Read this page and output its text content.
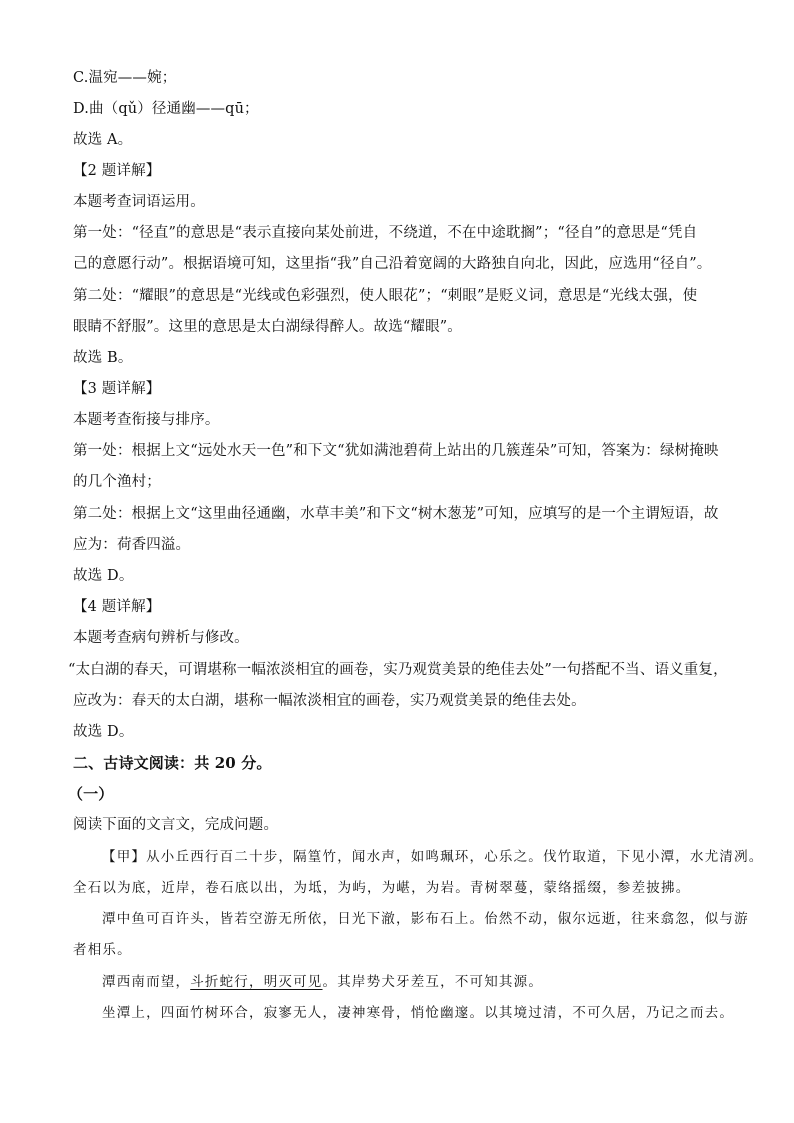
C.温宛——婉；
D.曲（qǔ）径通幽——qū；
故选 A。
【2 题详解】
本题考查词语运用。
第一处：“径直”的意思是“表示直接向某处前进，不绕道，不在中途耽搁”；“径自”的意思是“凭自
己的意愿行动”。根据语境可知，这里指“我”自己沿着宽阔的大路独自向北，因此，应选用“径自”。
第二处：“耀眼”的意思是“光线或色彩强烈，使人眼花”；“刺眼”是贬义词，意思是“光线太强，使
眼睛不舒服”。这里的意思是太白湖绿得醉人。故选“耀眼”。
故选 B。
【3 题详解】
本题考查衔接与排序。
第一处：根据上文“远处水天一色”和下文“犹如满池碧荷上站出的几簇莲朵”可知，答案为：绿树掩映
的几个渔村；
第二处：根据上文“这里曲径通幽，水草丰美”和下文“树木葱茏”可知，应填写的是一个主谓短语，故
应为：荷香四溢。
故选 D。
【4 题详解】
本题考查病句辨析与修改。
“太白湖的春天，可谓堪称一幅浓淡相宜的画卷，实乃观赏美景的绝佳去处”一句搭配不当、语义重复，
应改为：春天的太白湖，堪称一幅浓淡相宜的画卷，实乃观赏美景的绝佳去处。
故选 D。
二、古诗文阅读：共 20 分。
（一）
阅读下面的文言文，完成问题。
【甲】从小丘西行百二十步，隔篁竹，闻水声，如鸣珮环，心乐之。伐竹取道，下见小潭，水尤清冽。
全石以为底，近岸，卷石底以出，为坻，为屿，为嵁，为岩。青树翠蔓，蒙络摇缀，参差披拂。
潭中鱼可百许头，皆若空游无所依，日光下澈，影布石上。佁然不动，俶尔远逝，往来翕忽，似与游
者相乐。
潭西南而望，斗折蛇行，明灭可见。其岸势犬牙差互，不可知其源。
坐潭上，四面竹树环合，寂寥无人，凄神寒骨，悄怆幽邃。以其境过清，不可久居，乃记之而去。
